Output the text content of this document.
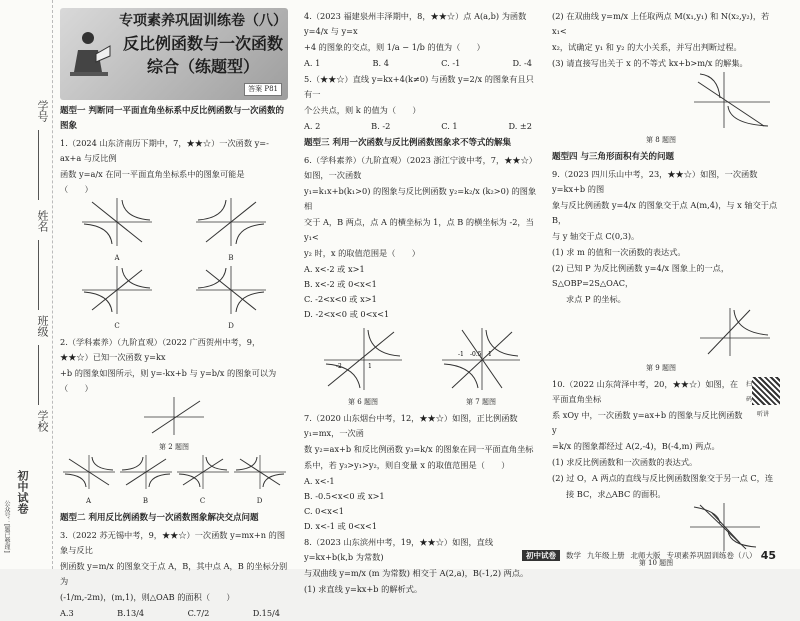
学号
姓名
班级
学校
初中试卷
公众号：[题已整理]
专项素养巩固训练卷（八）
反比例函数与一次函数
综合（练题型）
答案 P81
题型一 判断同一平面直角坐标系中反比例函数与一次函数的图象
1.（2024 山东济南历下期中，7，★★☆）一次函数 y=-ax+a 与反比例
函数 y=a/x 在同一平面直角坐标系中的图象可能是　　　（　　）
A	B
C	D
2.（学科素养）（九阶直观）（2022 广西贺州中考，9，★★☆）已知一次函数 y=kx
+b 的图象如图所示，则 y=-kx+b 与 y=b/x 的图象可以为（　　）
第 2 题图
A	B	C	D
题型二 利用反比例函数与一次函数图象解决交点问题
3.（2022 苏无锡中考，9，★★☆）一次函数 y=mx+n 的图象与反比
例函数 y=m/x 的图象交于点 A，B，其中点 A，B 的坐标分别为
(-1/m,-2m)，(m,1)，则△OAB 的面积（　　）
A.3	B.13/4	C.7/2	D.15/4
4.（2023 福建泉州丰泽期中，8，★★☆）点 A(a,b) 为函数 y=4/x 与 y=x
+4 的图象的交点，则 1/a − 1/b 的值为（　　）
A. 1	B. 4	C. -1	D. -4
5.（★★☆）直线 y=kx+4(k≠0) 与函数 y=2/x 的图象有且只有一
个公共点，则 k 的值为（　　）
A. 2	B. -2	C. 1	D. ±2
题型三 利用一次函数与反比例函数图象求不等式的解集
6.（学科素养）（九阶直观）（2023 浙江宁波中考，7，★★☆）如图，一次函数
y₁=k₁x+b(k₁>0) 的图象与反比例函数 y₂=k₂/x (k₂>0) 的图象相
交于 A，B 两点，点 A 的横坐标为 1，点 B 的横坐标为 -2，当 y₁<
y₂ 时，x 的取值范围是（　　）
A. x<-2 或 x>1
B. x<-2 或 0<x<1
C. -2<x<0 或 x>1
D. -2<x<0 或 0<x<1
-2	1
第 6 题图
-1 -0.5 1
第 7 题图
7.（2020 山东烟台中考，12，★★☆）如图，正比例函数 y₁=mx，一次函
数 y₂=ax+b 和反比例函数 y₃=k/x 的图象在同一平面直角坐标
系中，若 y₃>y₁>y₂，则自变量 x 的取值范围是（　　）
A. x<-1
B. -0.5<x<0 或 x>1
C. 0<x<1
D. x<-1 或 0<x<1
8.（2023 山东滨州中考，19，★★☆）如图，直线 y=kx+b(k,b 为常数)
与双曲线 y=m/x (m 为常数) 相交于 A(2,a)，B(-1,2) 两点。
(1) 求直线 y=kx+b 的解析式。
(2) 在双曲线 y=m/x 上任取两点 M(x₁,y₁) 和 N(x₂,y₂)，若 x₁<
x₂，试确定 y₁ 和 y₂ 的大小关系，并写出判断过程。
(3) 请直接写出关于 x 的不等式 kx+b>m/x 的解集。
第 8 题图
题型四 与三角形面积有关的问题
9.（2023 四川乐山中考，23，★★☆）如图，一次函数 y=kx+b 的图
象与反比例函数 y=4/x 的图象交于点 A(m,4)，与 x 轴交于点 B，
与 y 轴交于点 C(0,3)。
(1) 求 m 的值和一次函数的表达式。
(2) 已知 P 为反比例函数 y=4/x 图象上的一点，S△OBP=2S△OAC，
求点 P 的坐标。
第 9 题图
扫码听讲
10.（2022 山东菏泽中考，20，★★☆）如图，在平面直角坐标
系 xOy 中，一次函数 y=ax+b 的图象与反比例函数 y
=k/x 的图象都经过 A(2,-4)，B(-4,m) 两点。
(1) 求反比例函数和一次函数的表达式。
(2) 过 O，A 两点的直线与反比例函数图象交于另一点 C，连
接 BC，求△ABC 的面积。
第 10 题图
初中试卷	数学 九年级上册 北师大版 专项素养巩固训练卷（八） 45
